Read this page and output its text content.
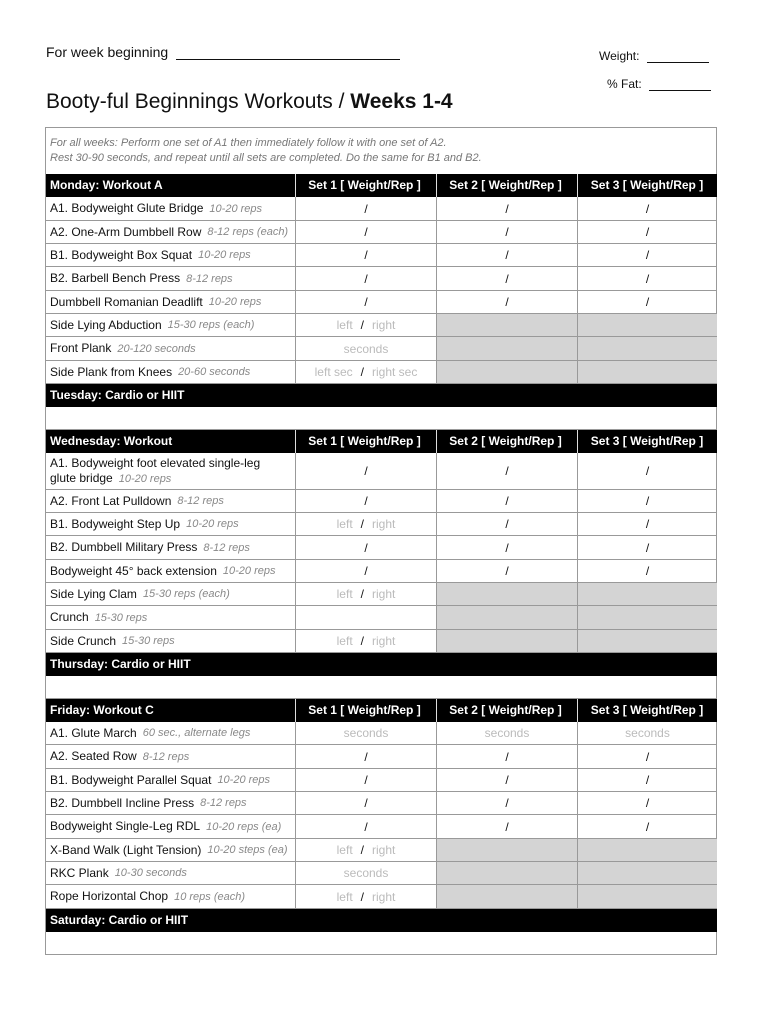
For week beginning	Weight:
% Fat:
Booty-ful Beginnings Workouts / Weeks 1-4
For all weeks: Perform one set of A1 then immediately follow it with one set of A2.
Rest 30-90 seconds, and repeat until all sets are completed. Do the same for B1 and B2.
Monday: Workout A	Set 1 [ Weight/Rep ]	Set 2 [ Weight/Rep ]	Set 3 [ Weight/Rep ]
A1. Bodyweight Glute Bridge 10-20 reps	/	/	/
A2. One-Arm Dumbbell Row 8-12 reps (each)	/	/	/
B1. Bodyweight Box Squat 10-20 reps	/	/	/
B2. Barbell Bench Press 8-12 reps	/	/	/
Dumbbell Romanian Deadlift 10-20 reps	/	/	/
Side Lying Abduction 15-30 reps (each)	left / right
Front Plank 20-120 seconds	seconds
Side Plank from Knees 20-60 seconds	left sec / right sec
Tuesday: Cardio or HIIT
Wednesday: Workout	Set 1 [ Weight/Rep ]	Set 2 [ Weight/Rep ]	Set 3 [ Weight/Rep ]
A1. Bodyweight foot elevated single-leg
glute bridge 10-20 reps
/	/	/
A2. Front Lat Pulldown 8-12 reps	/	/	/
B1. Bodyweight Step Up 10-20 reps	left / right	/	/
B2. Dumbbell Military Press 8-12 reps	/	/	/
Bodyweight 45° back extension 10-20 reps	/	/	/
Side Lying Clam 15-30 reps (each)	left / right
Crunch 15-30 reps
Side Crunch 15-30 reps	left / right
Thursday: Cardio or HIIT
Friday: Workout C	Set 1 [ Weight/Rep ]	Set 2 [ Weight/Rep ]	Set 3 [ Weight/Rep ]
A1. Glute March 60 sec., alternate legs	seconds	seconds	seconds
A2. Seated Row 8-12 reps	/	/	/
B1. Bodyweight Parallel Squat 10-20 reps	/	/	/
B2. Dumbbell Incline Press 8-12 reps	/	/	/
Bodyweight Single-Leg RDL 10-20 reps (ea)	/	/	/
X-Band Walk (Light Tension) 10-20 steps (ea)	left / right
RKC Plank 10-30 seconds	seconds
Rope Horizontal Chop 10 reps (each)	left / right
Saturday: Cardio or HIIT
